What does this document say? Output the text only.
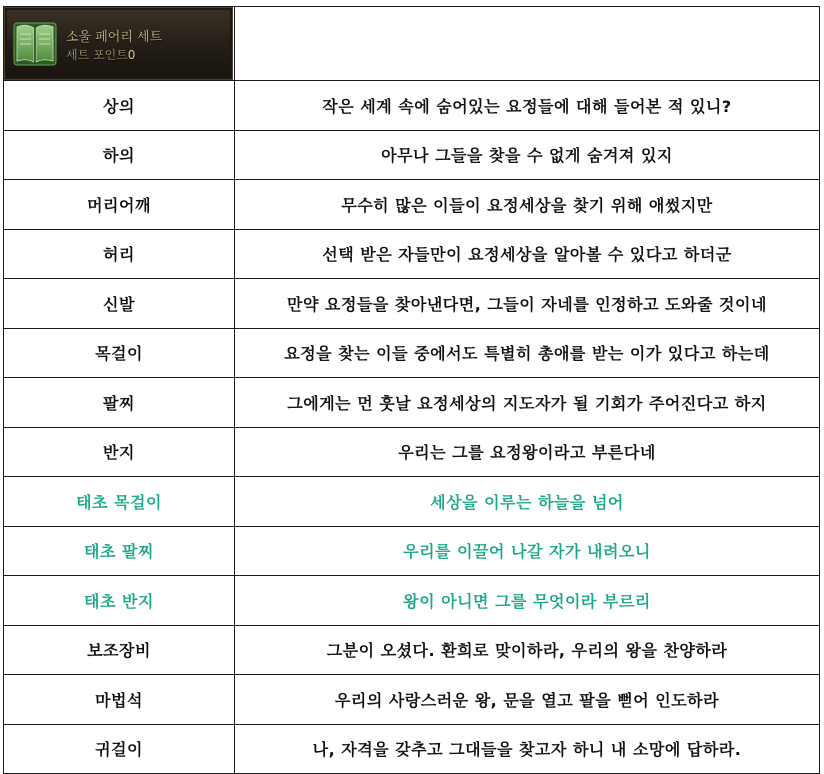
소울 페어리 세트
세트 포인트0	

상의	작은 세계 속에 숨어있는 요정들에 대해 들어본 적 있니?
하의	아무나 그들을 찾을 수 없게 숨겨져 있지
머리어깨	무수히 많은 이들이 요정세상을 찾기 위해 애썼지만
허리	선택 받은 자들만이 요정세상을 알아볼 수 있다고 하더군
신발	만약 요정들을 찾아낸다면, 그들이 자네를 인정하고 도와줄 것이네
목걸이	요정을 찾는 이들 중에서도 특별히 총애를 받는 이가 있다고 하는데
팔찌	그에게는 먼 훗날 요정세상의 지도자가 될 기회가 주어진다고 하지
반지	우리는 그를 요정왕이라고 부른다네
태초 목걸이	세상을 이루는 하늘을 넘어
태초 팔찌	우리를 이끌어 나갈 자가 내려오니
태초 반지	왕이 아니면 그를 무엇이라 부르리
보조장비	그분이 오셨다. 환희로 맞이하라, 우리의 왕을 찬양하라
마법석	우리의 사랑스러운 왕, 문을 열고 팔을 뻗어 인도하라
귀걸이	나, 자격을 갖추고 그대들을 찾고자 하니 내 소망에 답하라.
